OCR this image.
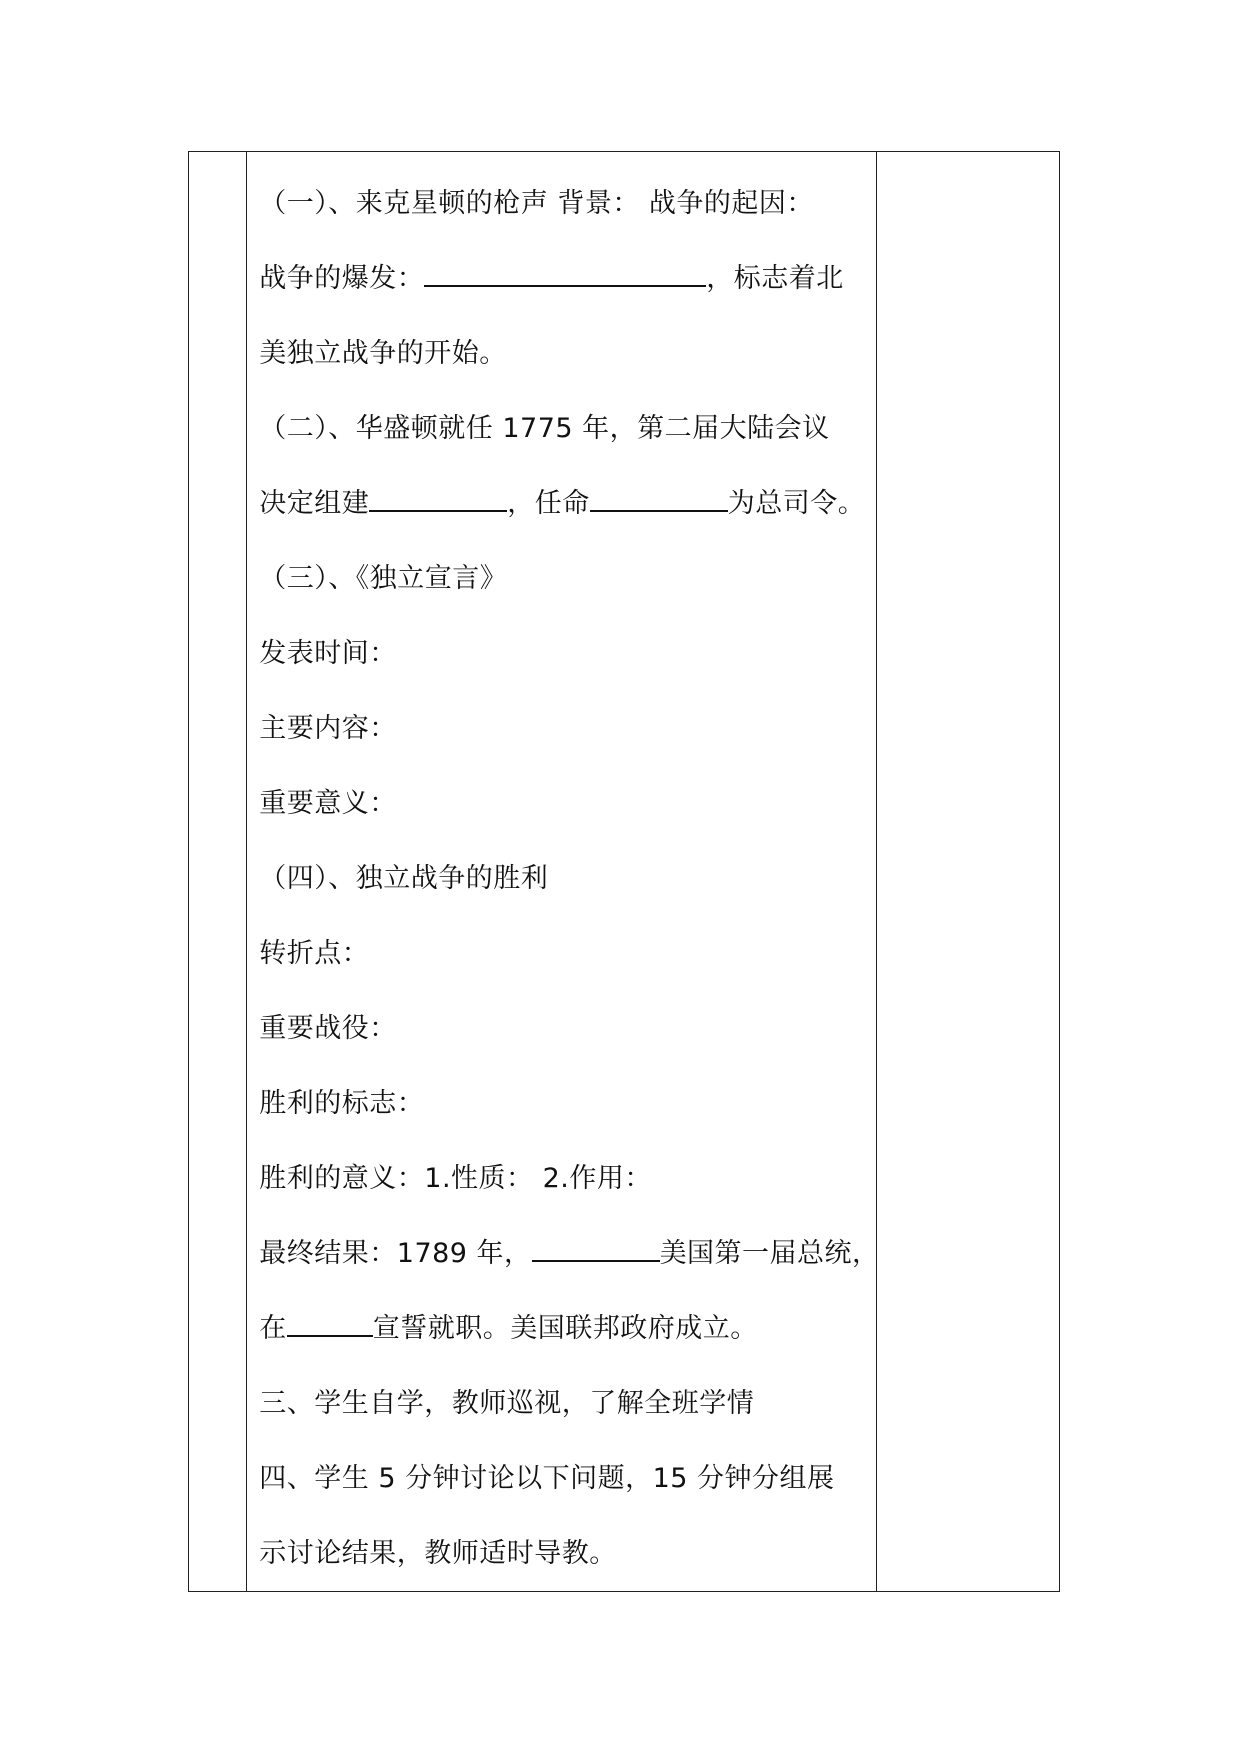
（一）、来克星顿的枪声 背景： 战争的起因：
战争的爆发：	，标志着北
美独立战争的开始。
（二）、华盛顿就任 1775 年，第二届大陆会议
决定组建	，任命	为总司令。
（三）、《独立宣言》
发表时间：
主要内容：
重要意义：
（四）、独立战争的胜利
转折点：
重要战役：
胜利的标志：
胜利的意义：1.性质： 2.作用：
最终结果：1789 年，	美国第一届总统，
在	宣誓就职。美国联邦政府成立。
三、学生自学，教师巡视，了解全班学情
四、学生 5 分钟讨论以下问题，15 分钟分组展
示讨论结果，教师适时导教。
